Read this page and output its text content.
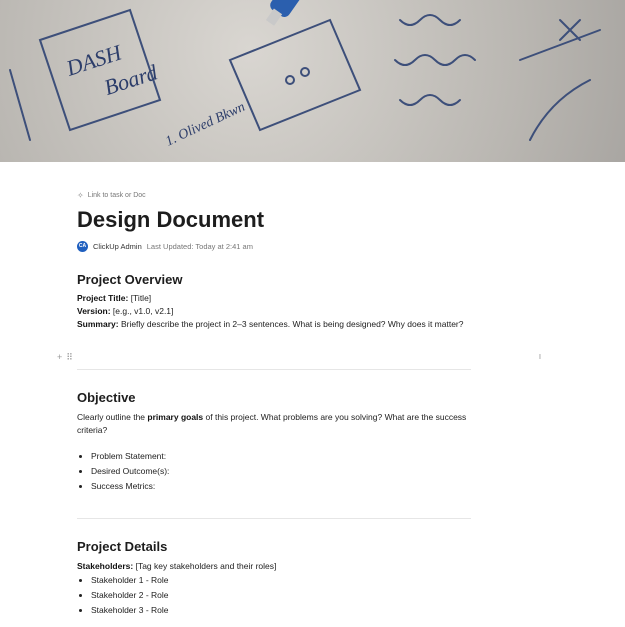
DASH
Board
1. Olived Bkwn
✧ Link to task or Doc
Design Document
CA ClickUp Admin Last Updated: Today at 2:41 am
Project Overview

Project Title: [Title]

Version: [e.g., v1.0, v2.1]

Summary: Briefly describe the project in 2–3 sentences. What is being designed? Why does it matter?

+ ⠿	I
Objective

Clearly outline the primary goals of this project. What problems are you solving? What are the success criteria?

• Problem Statement:
• Desired Outcome(s):
• Success Metrics:
Project Details

Stakeholders: [Tag key stakeholders and their roles]

• Stakeholder 1 - Role
• Stakeholder 2 - Role
• Stakeholder 3 - Role
